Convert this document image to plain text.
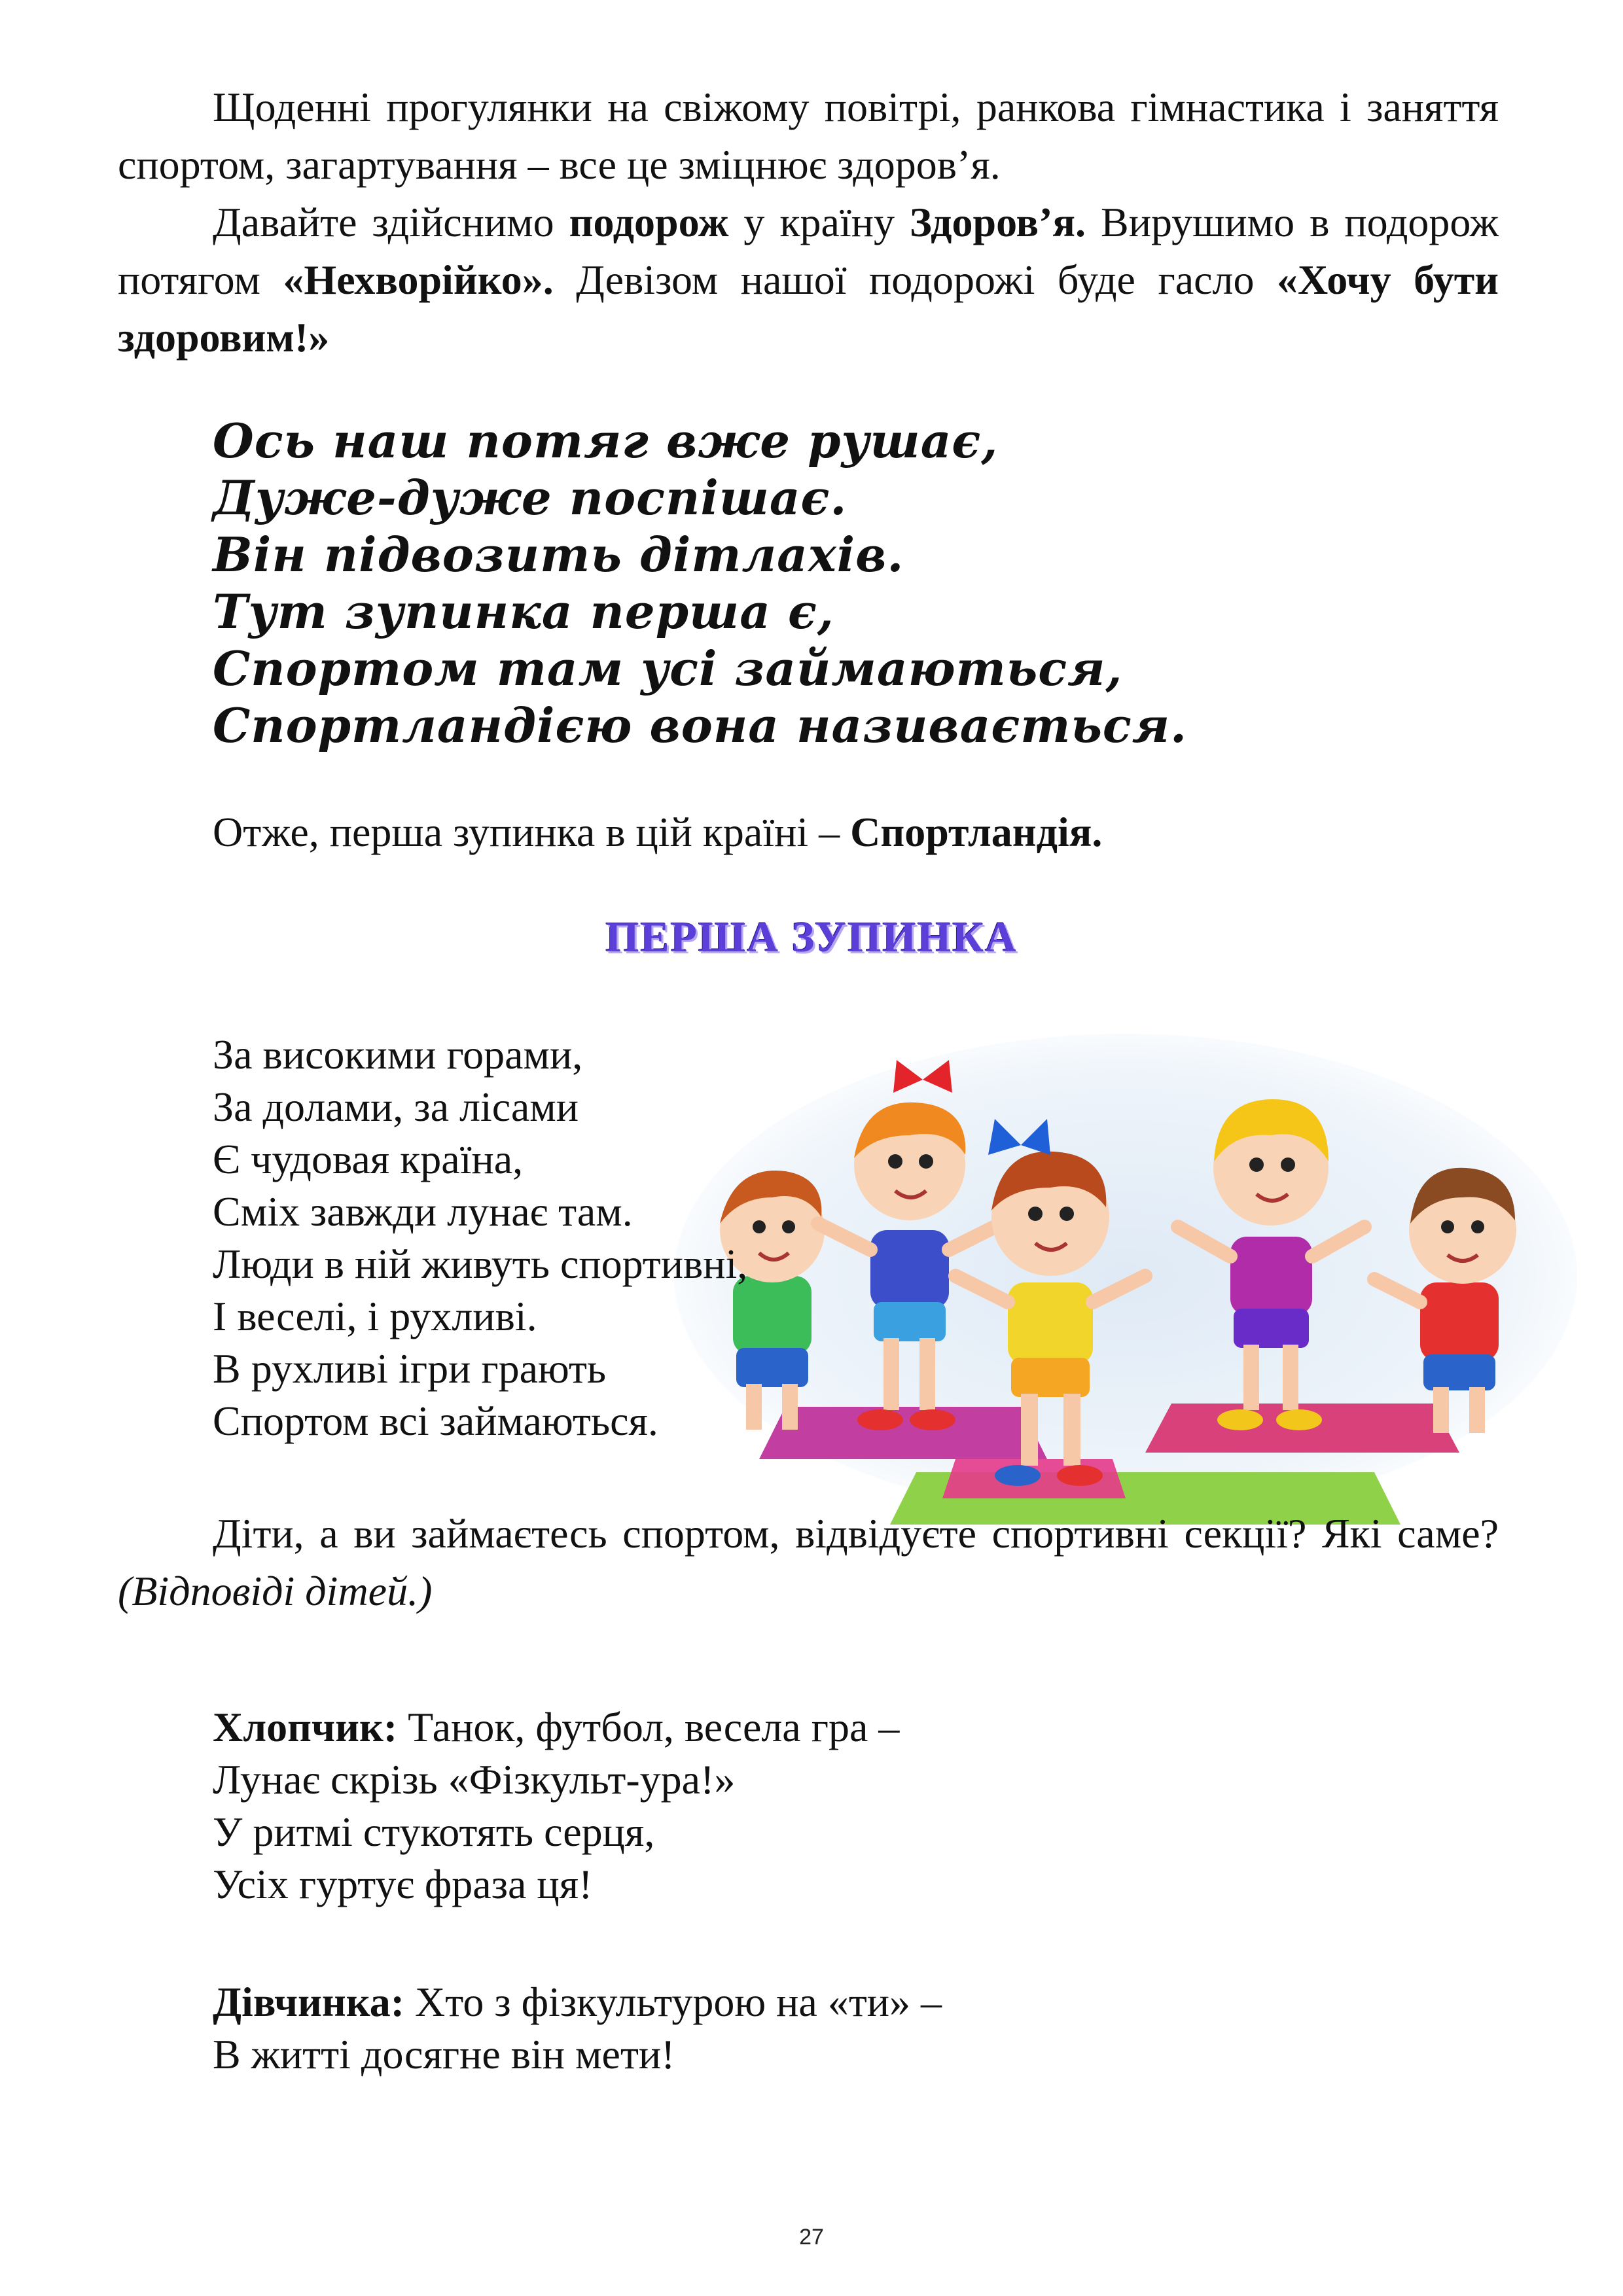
Щоденні прогулянки на свіжому повітрі, ранкова гімнастика і заняття спортом, загартування – все це зміцнює здоров’я.

Давайте здійснимо подорож у країну Здоров’я. Вирушимо в подорож потягом «Нехворійко». Девізом нашої подорожі буде гасло «Хочу бути здоровим!»

Ось наш потяг вже рушає,
Дуже-дуже поспішає.
Він підвозить дітлахів.
Тут зупинка перша є,
Спортом там усі займаються,
Спортландією вона називається.
Отже, перша зупинка в цій країні – Спортландія.
ПЕРША ЗУПИНКА
За високими горами,
За долами, за лісами
Є чудовая країна,
Сміх завжди лунає там.
Люди в ній живуть спортивні,
І веселі, і рухливі.
В рухливі ігри грають
Спортом всі займаються.

Діти, а ви займаєтесь спортом, відвідуєте спортивні секції? Які саме? (Відповіді дітей.)

Хлопчик: Танок, футбол, весела гра –
Лунає скрізь «Фізкульт-ура!»
У ритмі стукотять серця,
Усіх гуртує фраза ця!
Дівчинка: Хто з фізкультурою на «ти» –
В житті досягне він мети!
27
